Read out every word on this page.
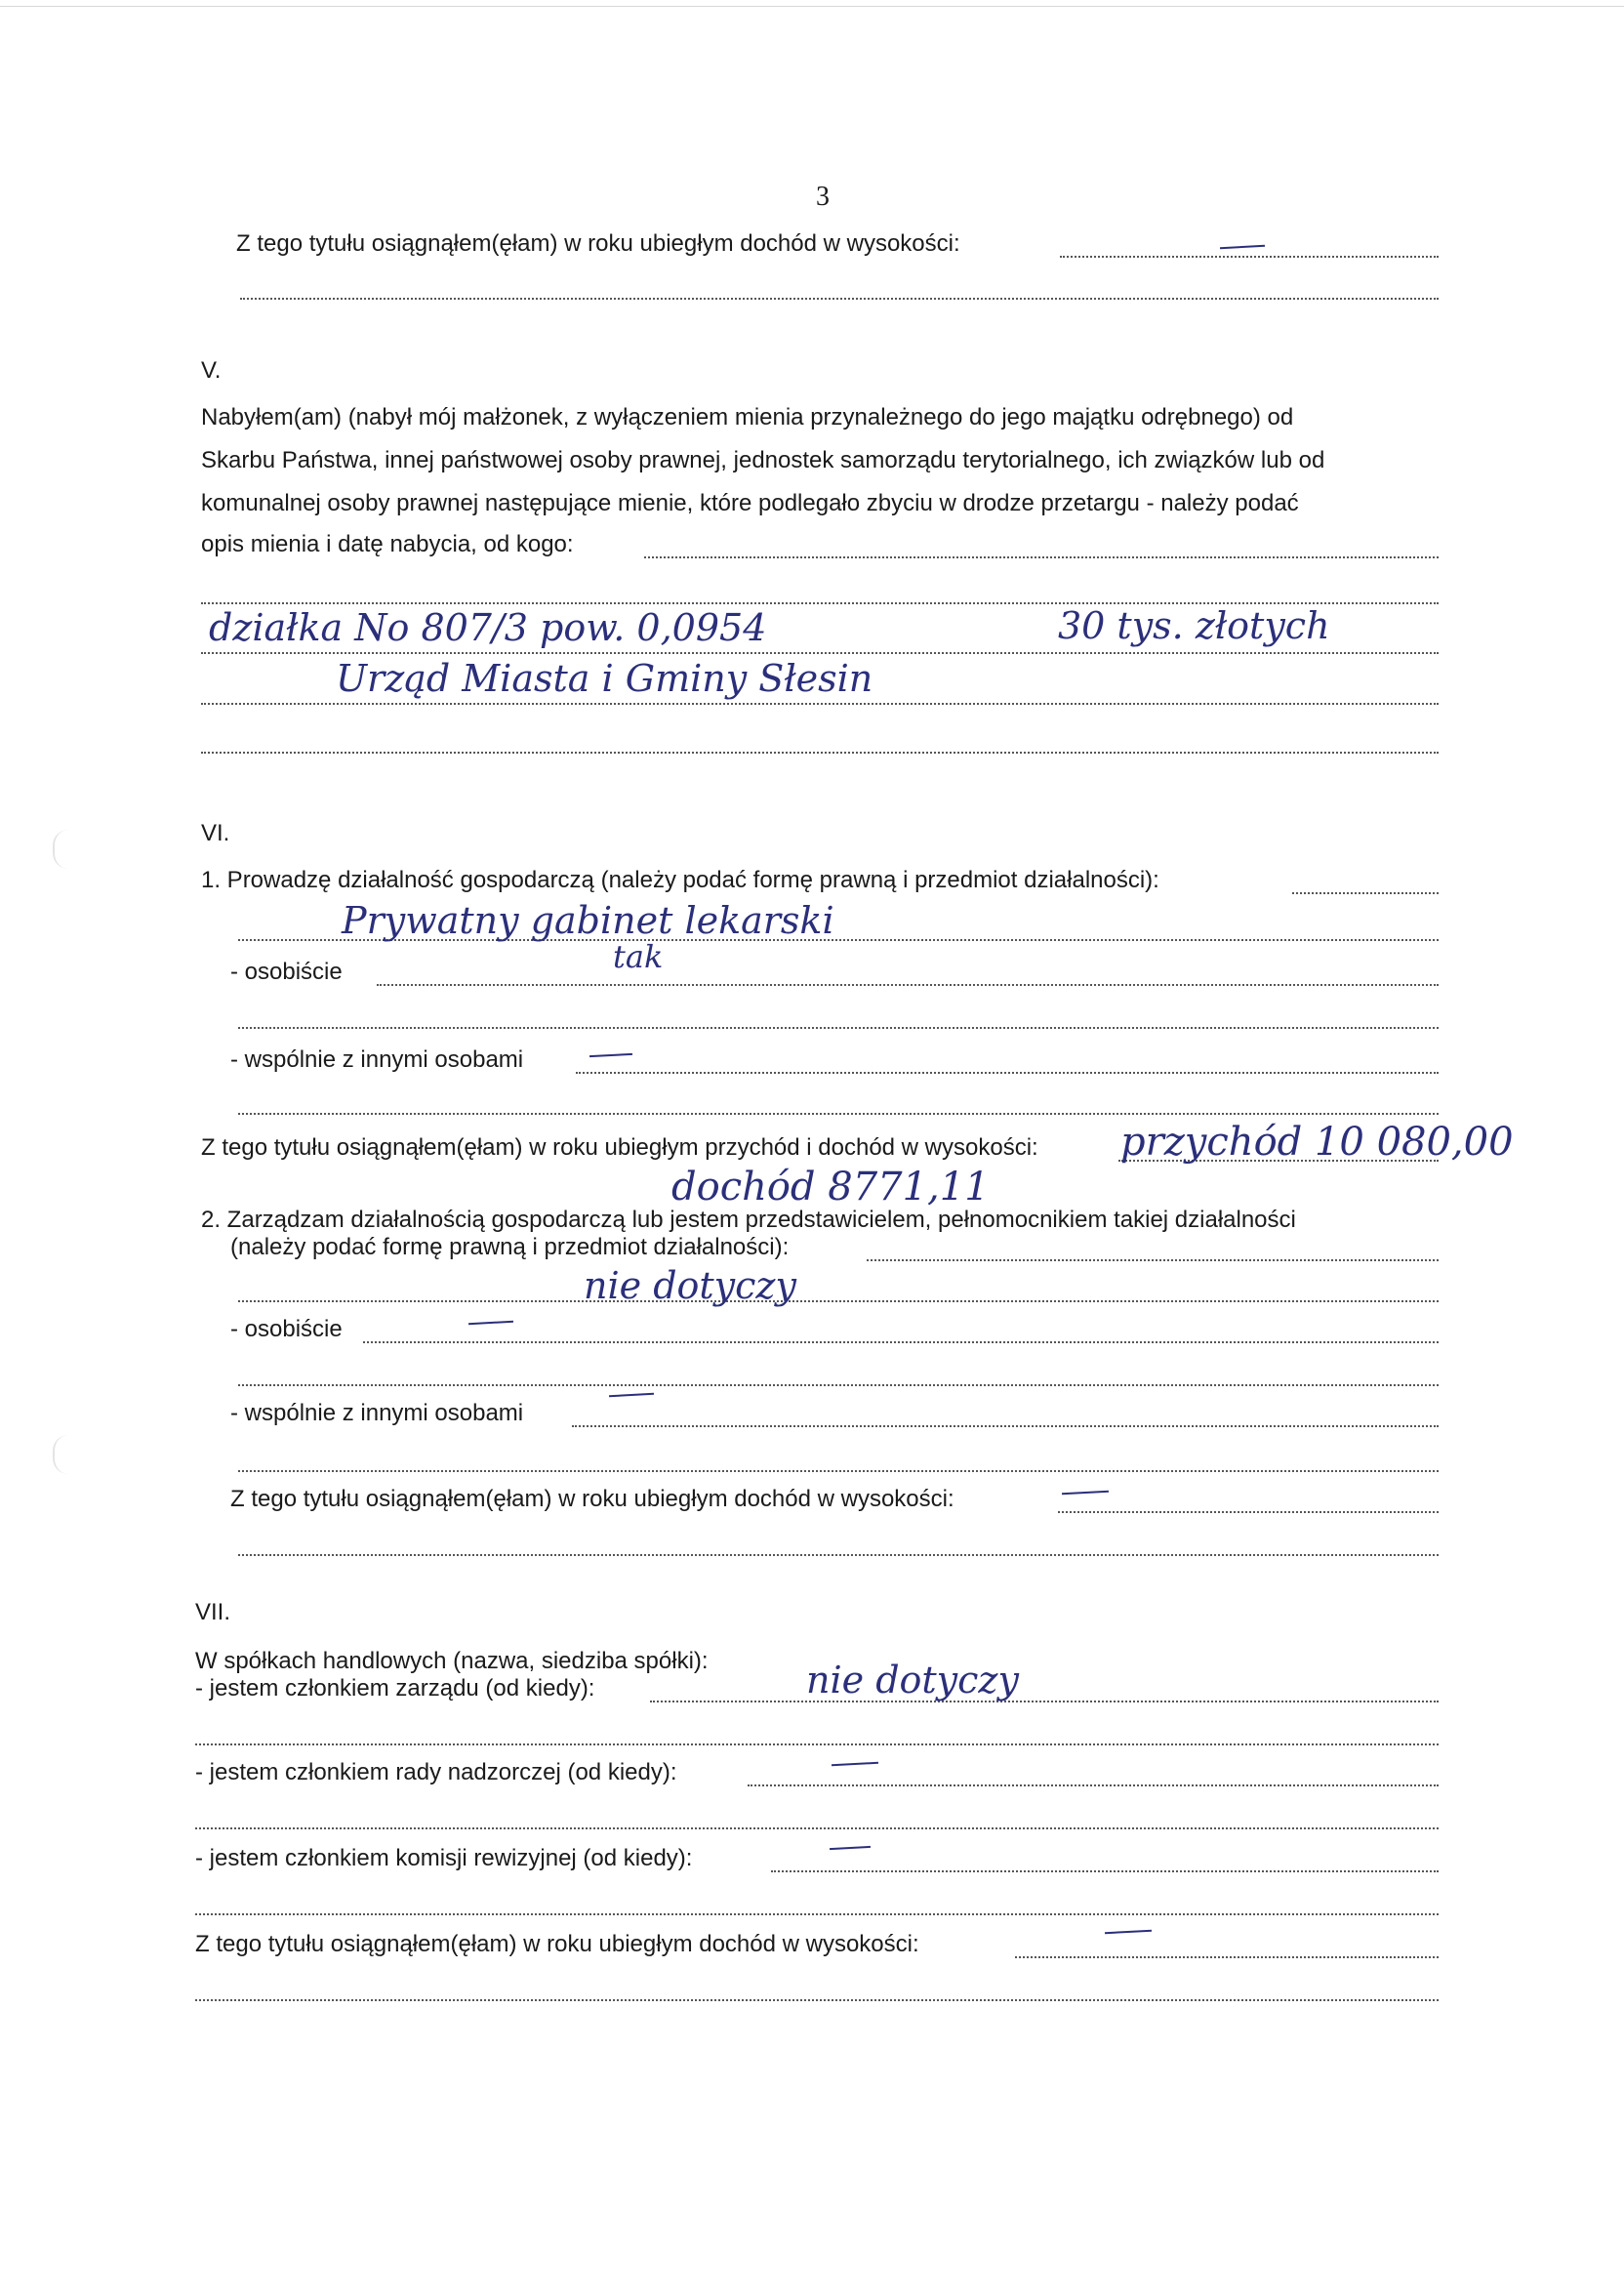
3
Z tego tytułu osiągnąłem(ęłam) w roku ubiegłym dochód w wysokości:
V.
Nabyłem(am) (nabył mój małżonek, z wyłączeniem mienia przynależnego do jego majątku odrębnego) od
Skarbu Państwa, innej państwowej osoby prawnej, jednostek samorządu terytorialnego, ich związków lub od
komunalnej osoby prawnej następujące mienie, które podlegało zbyciu w drodze przetargu - należy podać
opis mienia i datę nabycia, od kogo:
działka No 807/3 pow. 0,0954	30 tys. złotych
Urząd Miasta i Gminy Słesin
VI.
1. Prowadzę działalność gospodarczą (należy podać formę prawną i przedmiot działalności):
Prywatny gabinet lekarski
- osobiście	tak
- wspólnie z innymi osobami
Z tego tytułu osiągnąłem(ęłam) w roku ubiegłym przychód i dochód w wysokości: przychód 10 080,00
dochód 8771,11
2. Zarządzam działalnością gospodarczą lub jestem przedstawicielem, pełnomocnikiem takiej działalności
(należy podać formę prawną i przedmiot działalności):
nie dotyczy
- osobiście
- wspólnie z innymi osobami
Z tego tytułu osiągnąłem(ęłam) w roku ubiegłym dochód w wysokości:
VII.
W spółkach handlowych (nazwa, siedziba spółki):
- jestem członkiem zarządu (od kiedy):	nie dotyczy
- jestem członkiem rady nadzorczej (od kiedy):
- jestem członkiem komisji rewizyjnej (od kiedy):
Z tego tytułu osiągnąłem(ęłam) w roku ubiegłym dochód w wysokości:
